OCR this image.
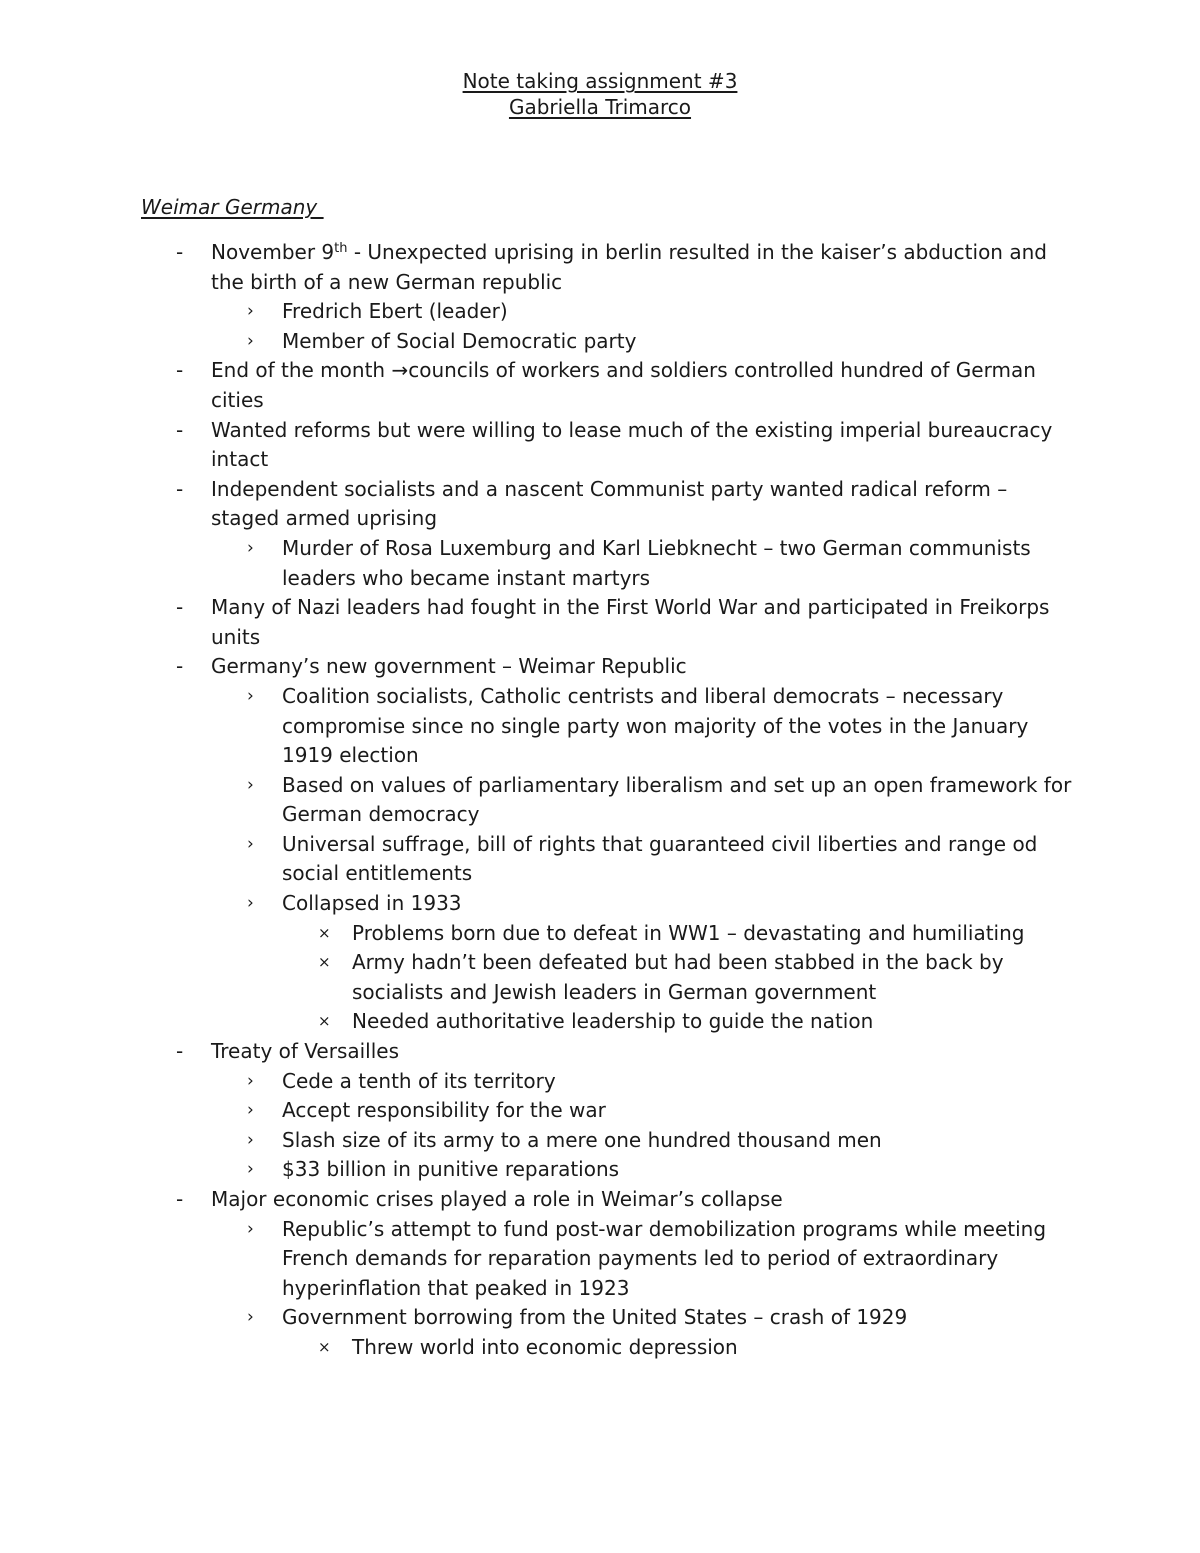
Note taking assignment #3
Gabriella Trimarco
Weimar Germany
-	November 9th - Unexpected uprising in berlin resulted in the kaiser’s abduction and the birth of a new German republic
›	Fredrich Ebert (leader)
›	Member of Social Democratic party
-	End of the month →councils of workers and soldiers controlled hundred of German cities
-	Wanted reforms but were willing to lease much of the existing imperial bureaucracy intact
-	Independent socialists and a nascent Communist party wanted radical reform – staged armed uprising
›	Murder of Rosa Luxemburg and Karl Liebknecht – two German communists leaders who became instant martyrs
-	Many of Nazi leaders had fought in the First World War and participated in Freikorps units
-	Germany’s new government – Weimar Republic
›	Coalition socialists, Catholic centrists and liberal democrats – necessary compromise since no single party won majority of the votes in the January 1919 election
›	Based on values of parliamentary liberalism and set up an open framework for German democracy
›	Universal suffrage, bill of rights that guaranteed civil liberties and range od social entitlements
›	Collapsed in 1933
×	Problems born due to defeat in WW1 – devastating and humiliating
×	Army hadn’t been defeated but had been stabbed in the back by socialists and Jewish leaders in German government
×	Needed authoritative leadership to guide the nation
-	Treaty of Versailles
›	Cede a tenth of its territory
›	Accept responsibility for the war
›	Slash size of its army to a mere one hundred thousand men
›	$33 billion in punitive reparations
-	Major economic crises played a role in Weimar’s collapse
›	Republic’s attempt to fund post-war demobilization programs while meeting French demands for reparation payments led to period of extraordinary hyperinflation that peaked in 1923
›	Government borrowing from the United States – crash of 1929
×	Threw world into economic depression
